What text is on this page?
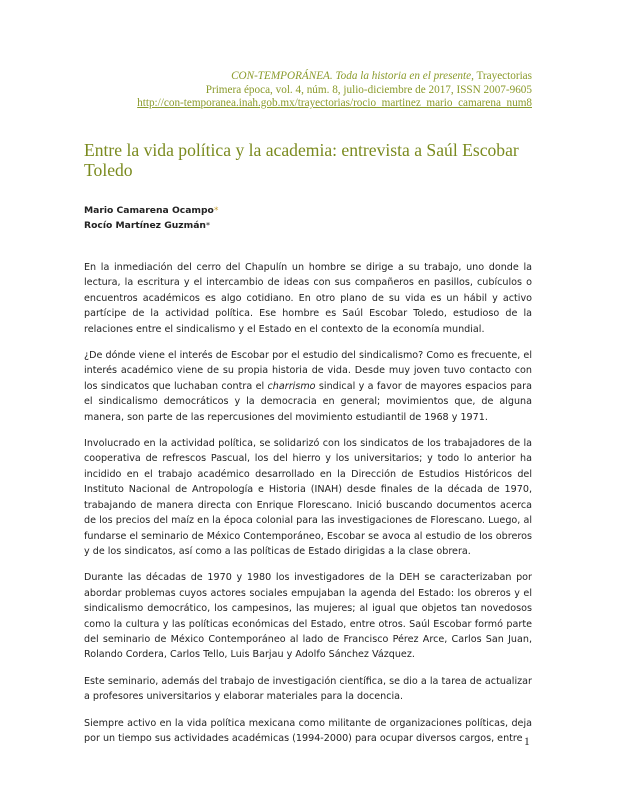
CON-TEMPORÁNEA. Toda la historia en el presente, Trayectorias
Primera época, vol. 4, núm. 8, julio-diciembre de 2017, ISSN 2007-9605
http://con-temporanea.inah.gob.mx/trayectorias/rocio_martinez_mario_camarena_num8
Entre la vida política y la academia: entrevista a Saúl Escobar Toledo
Mario Camarena Ocampo*
Rocío Martínez Guzmán*

En la inmediación del cerro del Chapulín un hombre se dirige a su trabajo, uno donde la lectura, la escritura y el intercambio de ideas con sus compañeros en pasillos, cubículos o encuentros académicos es algo cotidiano. En otro plano de su vida es un hábil y activo partícipe de la actividad política. Ese hombre es Saúl Escobar Toledo, estudioso de la relaciones entre el sindicalismo y el Estado en el contexto de la economía mundial.

¿De dónde viene el interés de Escobar por el estudio del sindicalismo? Como es frecuente, el interés académico viene de su propia historia de vida. Desde muy joven tuvo contacto con los sindicatos que luchaban contra el charrismo sindical y a favor de mayores espacios para el sindicalismo democráticos y la democracia en general; movimientos que, de alguna manera, son parte de las repercusiones del movimiento estudiantil de 1968 y 1971.

Involucrado en la actividad política, se solidarizó con los sindicatos de los trabajadores de la cooperativa de refrescos Pascual, los del hierro y los universitarios; y todo lo anterior ha incidido en el trabajo académico desarrollado en la Dirección de Estudios Históricos del Instituto Nacional de Antropología e Historia (INAH) desde finales de la década de 1970, trabajando de manera directa con Enrique Florescano. Inició buscando documentos acerca de los precios del maíz en la época colonial para las investigaciones de Florescano. Luego, al fundarse el seminario de México Contemporáneo, Escobar se avoca al estudio de los obreros y de los sindicatos, así como a las políticas de Estado dirigidas a la clase obrera.

Durante las décadas de 1970 y 1980 los investigadores de la DEH se caracterizaban por abordar problemas cuyos actores sociales empujaban la agenda del Estado: los obreros y el sindicalismo democrático, los campesinos, las mujeres; al igual que objetos tan novedosos como la cultura y las políticas económicas del Estado, entre otros. Saúl Escobar formó parte del seminario de México Contemporáneo al lado de Francisco Pérez Arce, Carlos San Juan, Rolando Cordera, Carlos Tello, Luis Barjau y Adolfo Sánchez Vázquez.

Este seminario, además del trabajo de investigación científica, se dio a la tarea de actualizar a profesores universitarios y elaborar materiales para la docencia.

Siempre activo en la vida política mexicana como militante de organizaciones políticas, deja por un tiempo sus actividades académicas (1994-2000) para ocupar diversos cargos, entre 1
